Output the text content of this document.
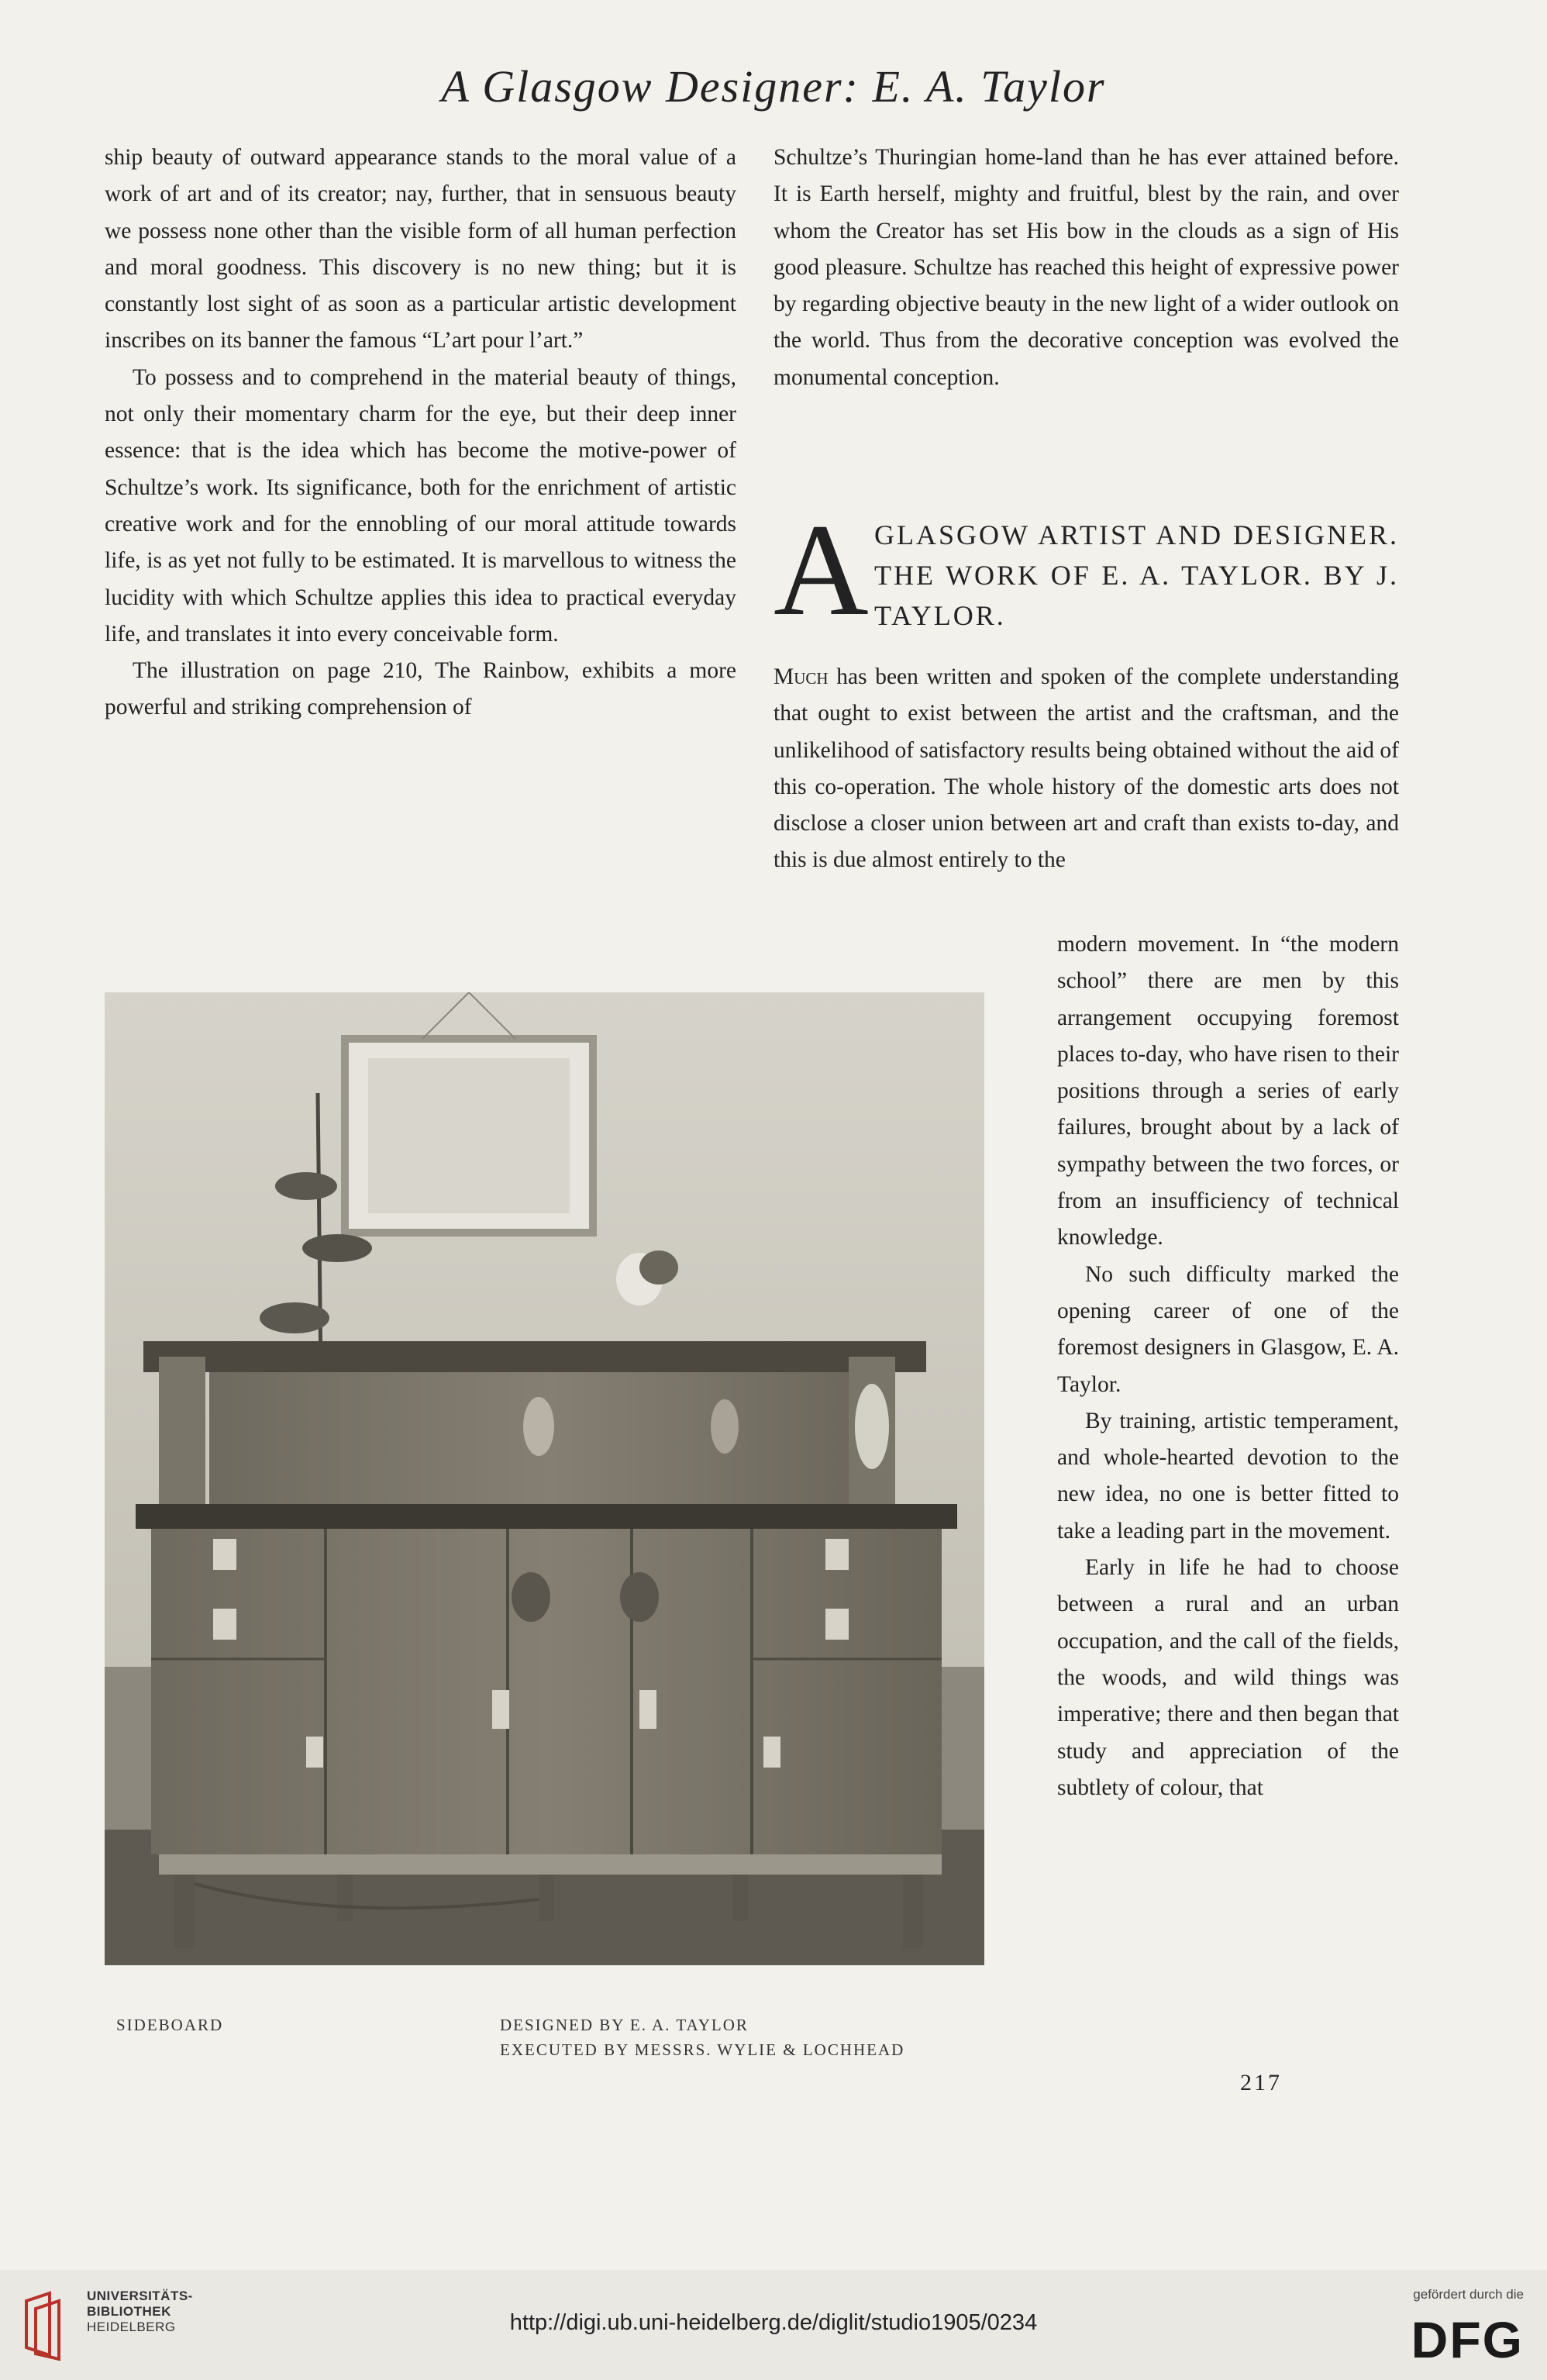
A Glasgow Designer: E. A. Taylor

ship beauty of outward appearance stands to the moral value of a work of art and of its creator; nay, further, that in sensuous beauty we possess none other than the visible form of all human perfection and moral goodness. This discovery is no new thing; but it is constantly lost sight of as soon as a particular artistic development inscribes on its banner the famous “L’art pour l’art.”

To possess and to comprehend in the material beauty of things, not only their momentary charm for the eye, but their deep inner essence: that is the idea which has become the motive-power of Schultze’s work. Its significance, both for the enrichment of artistic creative work and for the ennobling of our moral attitude towards life, is as yet not fully to be estimated. It is marvellous to witness the lucidity with which Schultze applies this idea to practical everyday life, and translates it into every conceivable form.

The illustration on page 210, The Rainbow, exhibits a more powerful and striking comprehension of

Schultze’s Thuringian home-land than he has ever attained before. It is Earth herself, mighty and fruitful, blest by the rain, and over whom the Creator has set His bow in the clouds as a sign of His good pleasure. Schultze has reached this height of expressive power by regarding objective beauty in the new light of a wider outlook on the world. Thus from the decorative conception was evolved the monumental conception.

A GLASGOW ARTIST AND DESIGNER. THE WORK OF E. A. TAYLOR. BY J. TAYLOR.
Much has been written and spoken of the complete understanding that ought to exist between the artist and the craftsman, and the unlikelihood of satisfactory results being obtained without the aid of this co-operation. The whole history of the domestic arts does not disclose a closer union between art and craft than exists to-day, and this is due almost entirely to the

modern movement. In “the modern school” there are men by this arrangement occupying foremost places to-day, who have risen to their positions through a series of early failures, brought about by a lack of sympathy between the two forces, or from an insufficiency of technical knowledge.

No such difficulty marked the opening career of one of the foremost designers in Glasgow, E. A. Taylor.

By training, artistic temperament, and whole-hearted devotion to the new idea, no one is better fitted to take a leading part in the movement.

Early in life he had to choose between a rural and an urban occupation, and the call of the fields, the woods, and wild things was imperative; there and then began that study and appreciation of the subtlety of colour, that

SIDEBOARD	DESIGNED BY E. A. TAYLOR
EXECUTED BY MESSRS. WYLIE & LOCHHEAD
217
UNIVERSITÄTS-
BIBLIOTHEK
HEIDELBERG	http://digi.ub.uni-heidelberg.de/diglit/studio1905/0234
gefördert durch die
DFG
